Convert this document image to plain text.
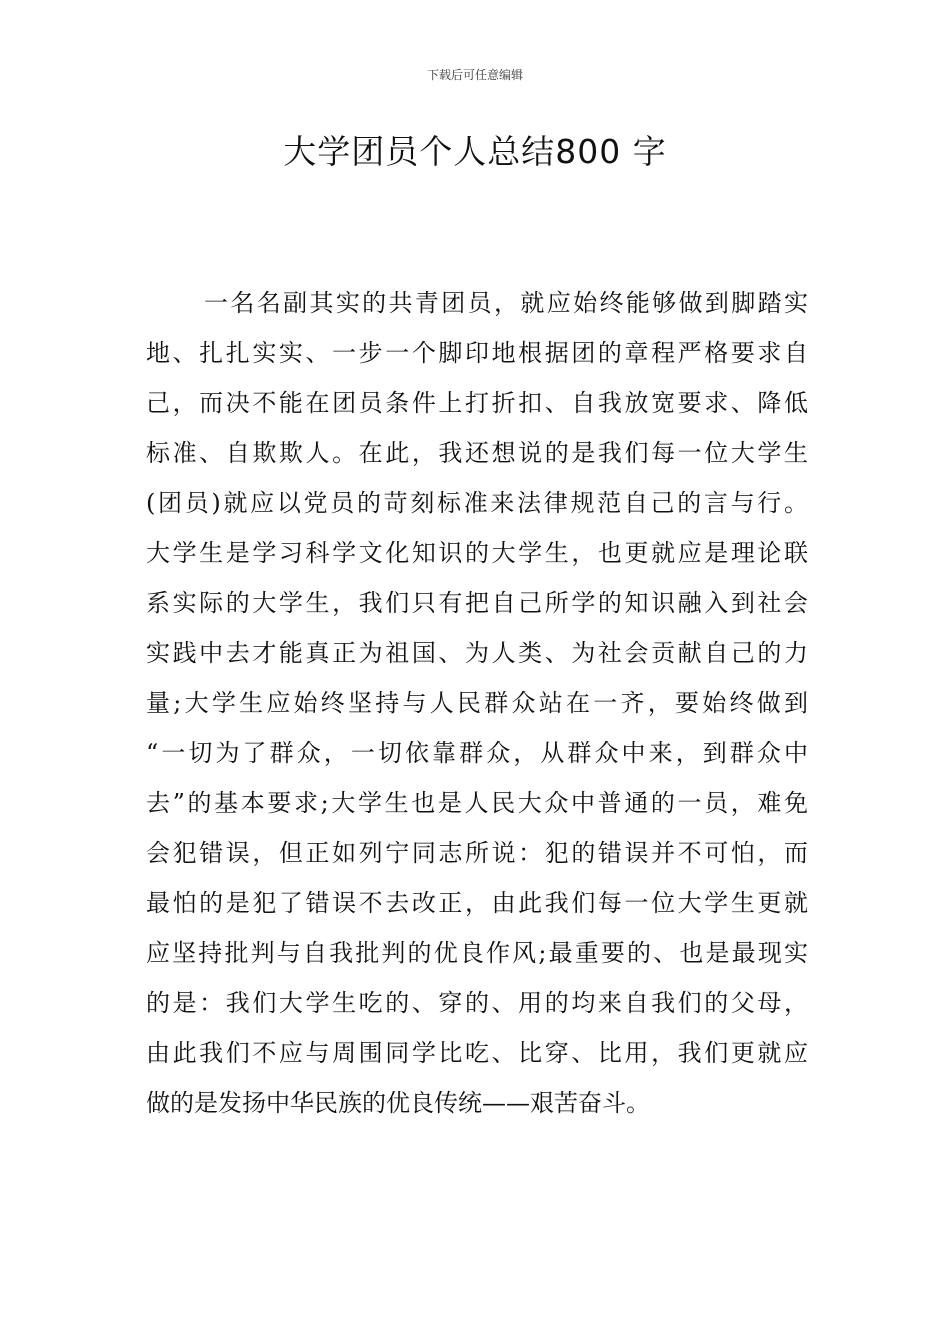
下载后可任意编辑
大学团员个人总结800 字
一名名副其实的共青团员，就应始终能够做到脚踏实
地、扎扎实实、一步一个脚印地根据团的章程严格要求自
己，而决不能在团员条件上打折扣、自我放宽要求、降低
标准、自欺欺人。在此，我还想说的是我们每一位大学生
(团员)就应以党员的苛刻标准来法律规范自己的言与行。
大学生是学习科学文化知识的大学生，也更就应是理论联
系实际的大学生，我们只有把自己所学的知识融入到社会
实践中去才能真正为祖国、为人类、为社会贡献自己的力
量;大学生应始终坚持与人民群众站在一齐，要始终做到
“一切为了群众，一切依靠群众，从群众中来，到群众中
去”的基本要求;大学生也是人民大众中普通的一员，难免
会犯错误，但正如列宁同志所说：犯的错误并不可怕，而
最怕的是犯了错误不去改正，由此我们每一位大学生更就
应坚持批判与自我批判的优良作风;最重要的、也是最现实
的是：我们大学生吃的、穿的、用的均来自我们的父母，
由此我们不应与周围同学比吃、比穿、比用，我们更就应
做的是发扬中华民族的优良传统——艰苦奋斗。
